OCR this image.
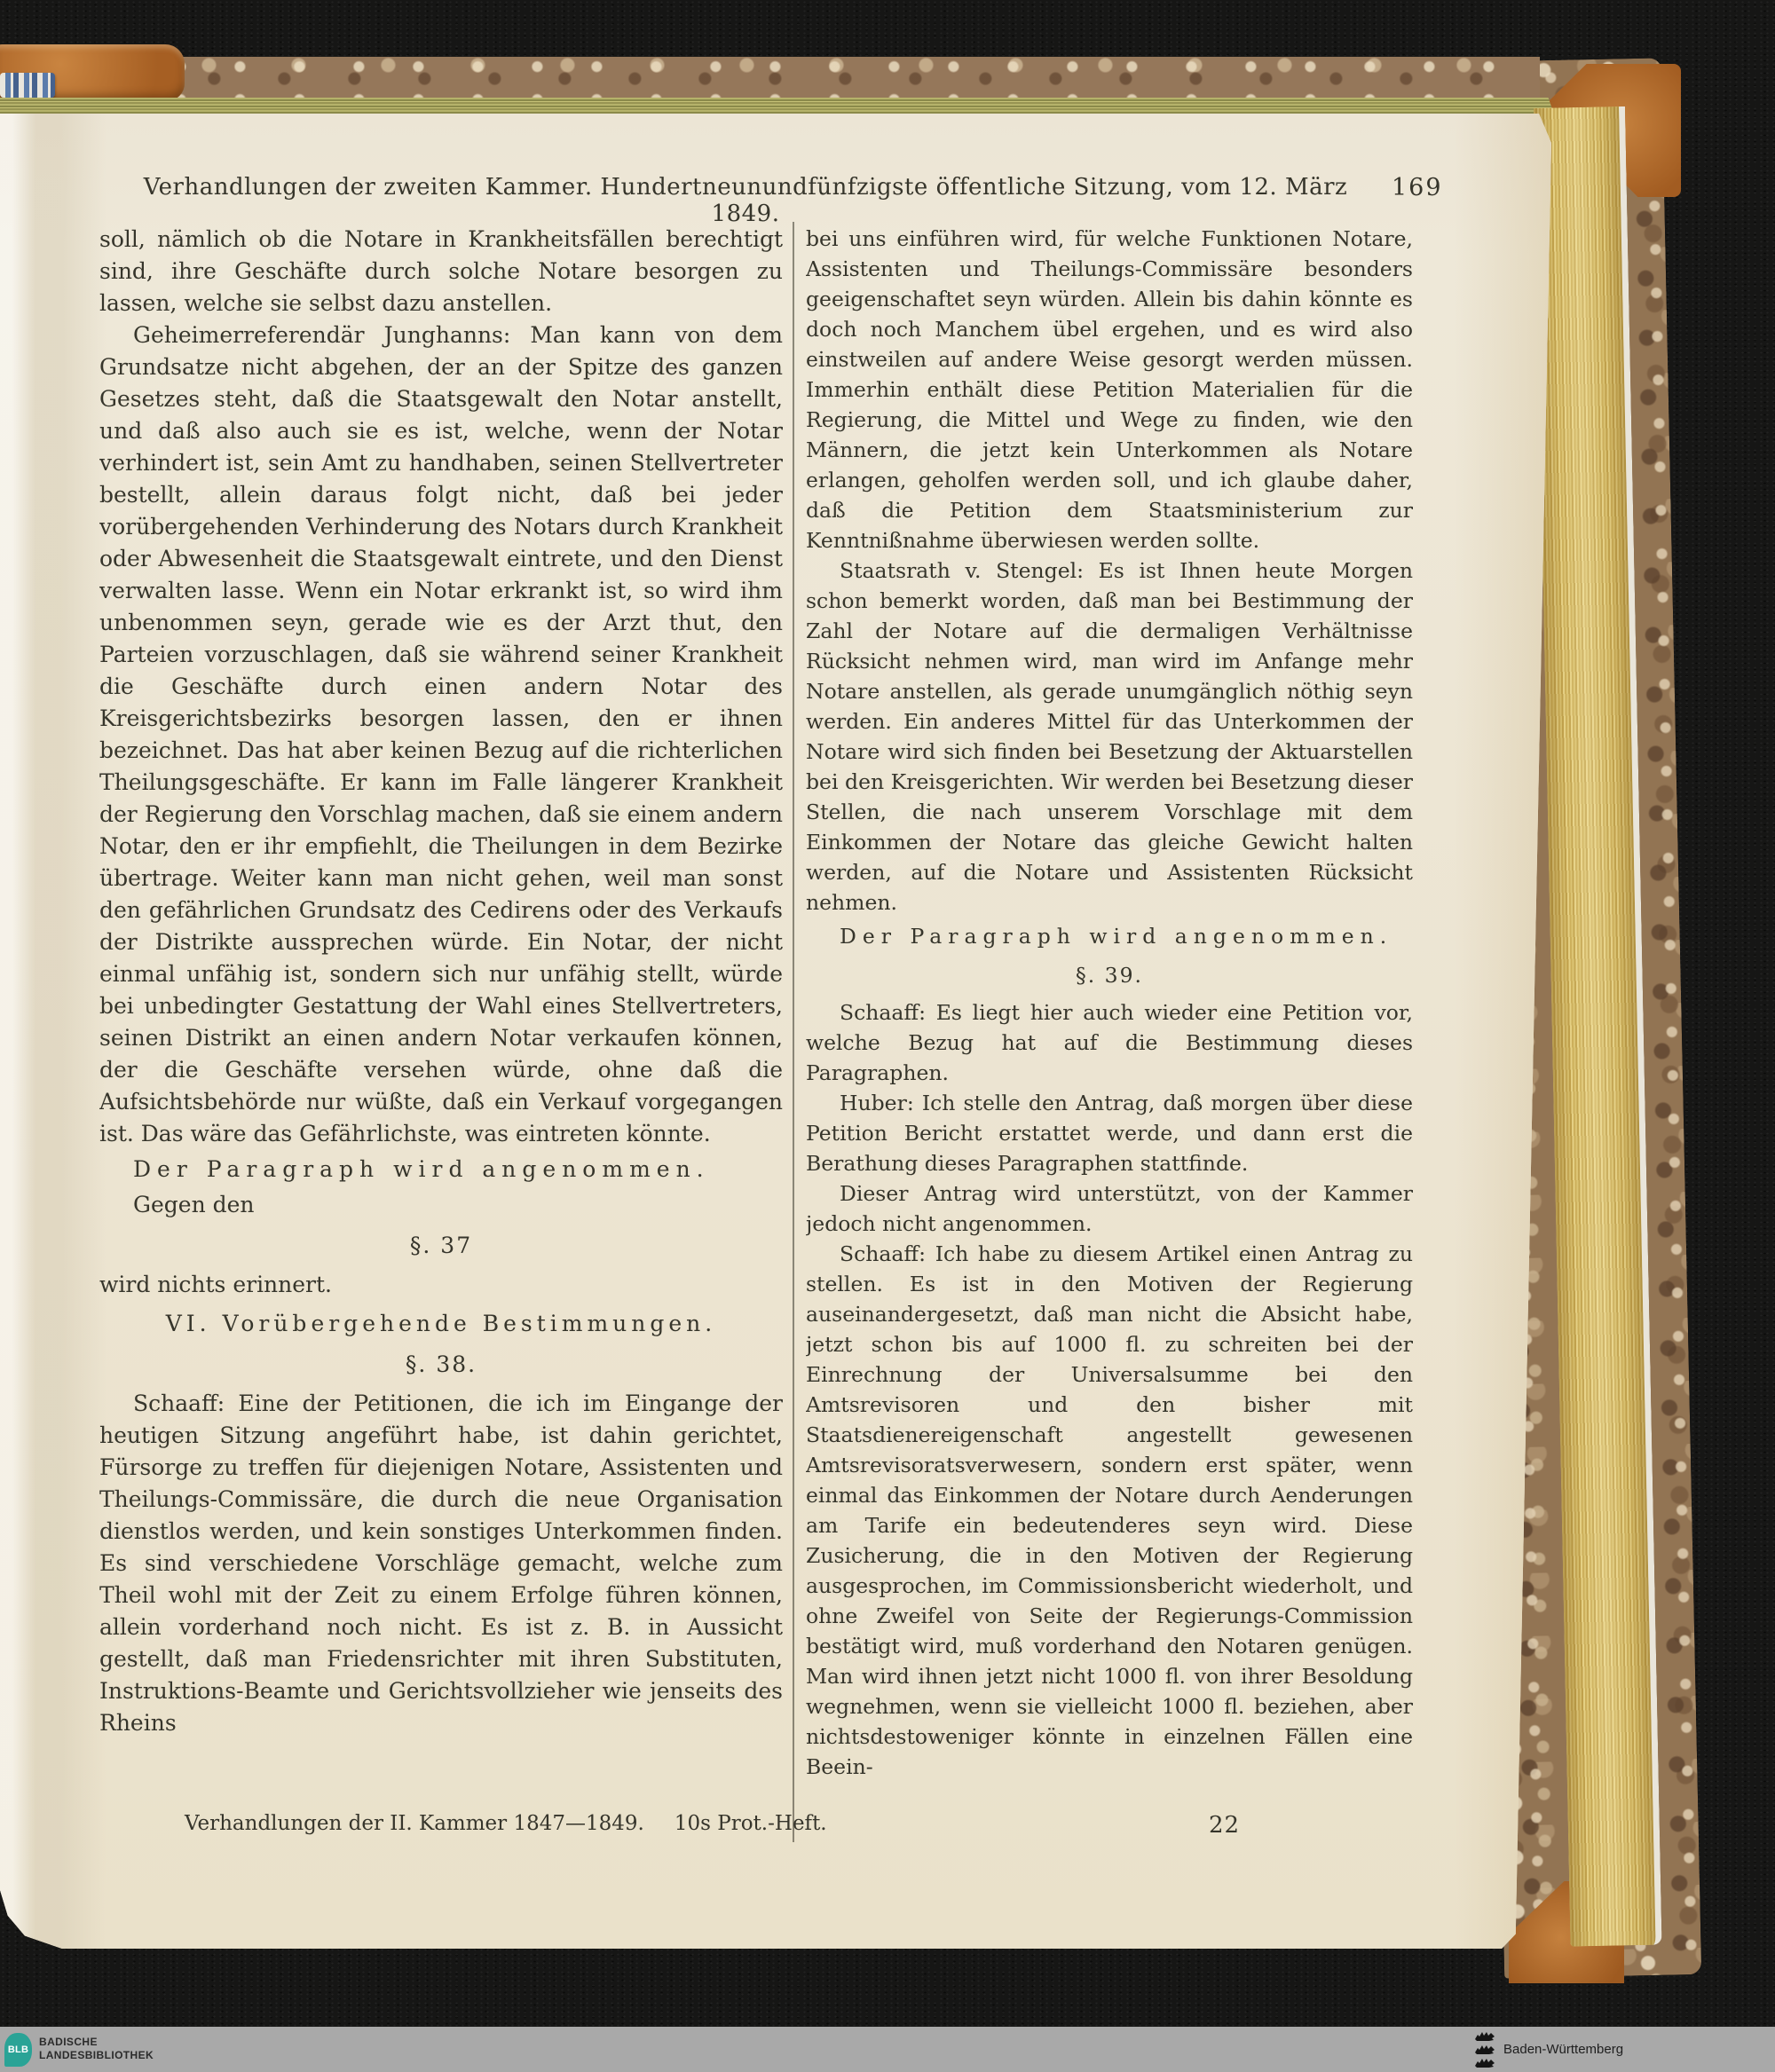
Verhandlungen der zweiten Kammer. Hundertneunundfünfzigste öffentliche Sitzung, vom 12. März 1849.
169

soll, nämlich ob die Notare in Krankheitsfällen berechtigt sind, ihre Geschäfte durch solche Notare besorgen zu lassen, welche sie selbst dazu anstellen.

Geheimerreferendär Junghanns: Man kann von dem Grundsatze nicht abgehen, der an der Spitze des ganzen Gesetzes steht, daß die Staatsgewalt den Notar anstellt, und daß also auch sie es ist, welche, wenn der Notar verhindert ist, sein Amt zu handhaben, seinen Stellvertreter bestellt, allein daraus folgt nicht, daß bei jeder vorübergehenden Verhinderung des Notars durch Krankheit oder Abwesenheit die Staatsgewalt eintrete, und den Dienst verwalten lasse. Wenn ein Notar erkrankt ist, so wird ihm unbenommen seyn, gerade wie es der Arzt thut, den Parteien vorzuschlagen, daß sie während seiner Krankheit die Geschäfte durch einen andern Notar des Kreisgerichtsbezirks besorgen lassen, den er ihnen bezeichnet. Das hat aber keinen Bezug auf die richterlichen Theilungsgeschäfte. Er kann im Falle längerer Krankheit der Regierung den Vorschlag machen, daß sie einem andern Notar, den er ihr empfiehlt, die Theilungen in dem Bezirke übertrage. Weiter kann man nicht gehen, weil man sonst den gefährlichen Grundsatz des Cedirens oder des Verkaufs der Distrikte aussprechen würde. Ein Notar, der nicht einmal unfähig ist, sondern sich nur unfähig stellt, würde bei unbedingter Gestattung der Wahl eines Stellvertreters, seinen Distrikt an einen andern Notar verkaufen können, der die Geschäfte versehen würde, ohne daß die Aufsichtsbehörde nur wüßte, daß ein Verkauf vorgegangen ist. Das wäre das Gefährlichste, was eintreten könnte.

Der Paragraph wird angenommen.

Gegen den

§. 37

wird nichts erinnert.

VI. Vorübergehende Bestimmungen.

§. 38.

Schaaff: Eine der Petitionen, die ich im Eingange der heutigen Sitzung angeführt habe, ist dahin gerichtet, Fürsorge zu treffen für diejenigen Notare, Assistenten und Theilungs-Commissäre, die durch die neue Organisation dienstlos werden, und kein sonstiges Unterkommen finden. Es sind verschiedene Vorschläge gemacht, welche zum Theil wohl mit der Zeit zu einem Erfolge führen können, allein vorderhand noch nicht. Es ist z. B. in Aussicht gestellt, daß man Friedensrichter mit ihren Substituten, Instruktions-Beamte und Gerichtsvollzieher wie jenseits des Rheins

bei uns einführen wird, für welche Funktionen Notare, Assistenten und Theilungs-Commissäre besonders geeigenschaftet seyn würden. Allein bis dahin könnte es doch noch Manchem übel ergehen, und es wird also einstweilen auf andere Weise gesorgt werden müssen. Immerhin enthält diese Petition Materialien für die Regierung, die Mittel und Wege zu finden, wie den Männern, die jetzt kein Unterkommen als Notare erlangen, geholfen werden soll, und ich glaube daher, daß die Petition dem Staatsministerium zur Kenntnißnahme überwiesen werden sollte.

Staatsrath v. Stengel: Es ist Ihnen heute Morgen schon bemerkt worden, daß man bei Bestimmung der Zahl der Notare auf die dermaligen Verhältnisse Rücksicht nehmen wird, man wird im Anfange mehr Notare anstellen, als gerade unumgänglich nöthig seyn werden. Ein anderes Mittel für das Unterkommen der Notare wird sich finden bei Besetzung der Aktuarstellen bei den Kreisgerichten. Wir werden bei Besetzung dieser Stellen, die nach unserem Vorschlage mit dem Einkommen der Notare das gleiche Gewicht halten werden, auf die Notare und Assistenten Rücksicht nehmen.

Der Paragraph wird angenommen.

§. 39.

Schaaff: Es liegt hier auch wieder eine Petition vor, welche Bezug hat auf die Bestimmung dieses Paragraphen.

Huber: Ich stelle den Antrag, daß morgen über diese Petition Bericht erstattet werde, und dann erst die Berathung dieses Paragraphen stattfinde.

Dieser Antrag wird unterstützt, von der Kammer jedoch nicht angenommen.

Schaaff: Ich habe zu diesem Artikel einen Antrag zu stellen. Es ist in den Motiven der Regierung auseinandergesetzt, daß man nicht die Absicht habe, jetzt schon bis auf 1000 fl. zu schreiten bei der Einrechnung der Universalsumme bei den Amtsrevisoren und den bisher mit Staatsdienereigenschaft angestellt gewesenen Amtsrevisoratsverwesern, sondern erst später, wenn einmal das Einkommen der Notare durch Aenderungen am Tarife ein bedeutenderes seyn wird. Diese Zusicherung, die in den Motiven der Regierung ausgesprochen, im Commissionsbericht wiederholt, und ohne Zweifel von Seite der Regierungs-Commission bestätigt wird, muß vorderhand den Notaren genügen. Man wird ihnen jetzt nicht 1000 fl. von ihrer Besoldung wegnehmen, wenn sie vielleicht 1000 fl. beziehen, aber nichtsdestoweniger könnte in einzelnen Fällen eine Beein-

Verhandlungen der II. Kammer 1847—1849. 10s Prot.-Heft.	22
BLB
BADISCHE
LANDESBIBLIOTHEK	Baden-Württemberg
